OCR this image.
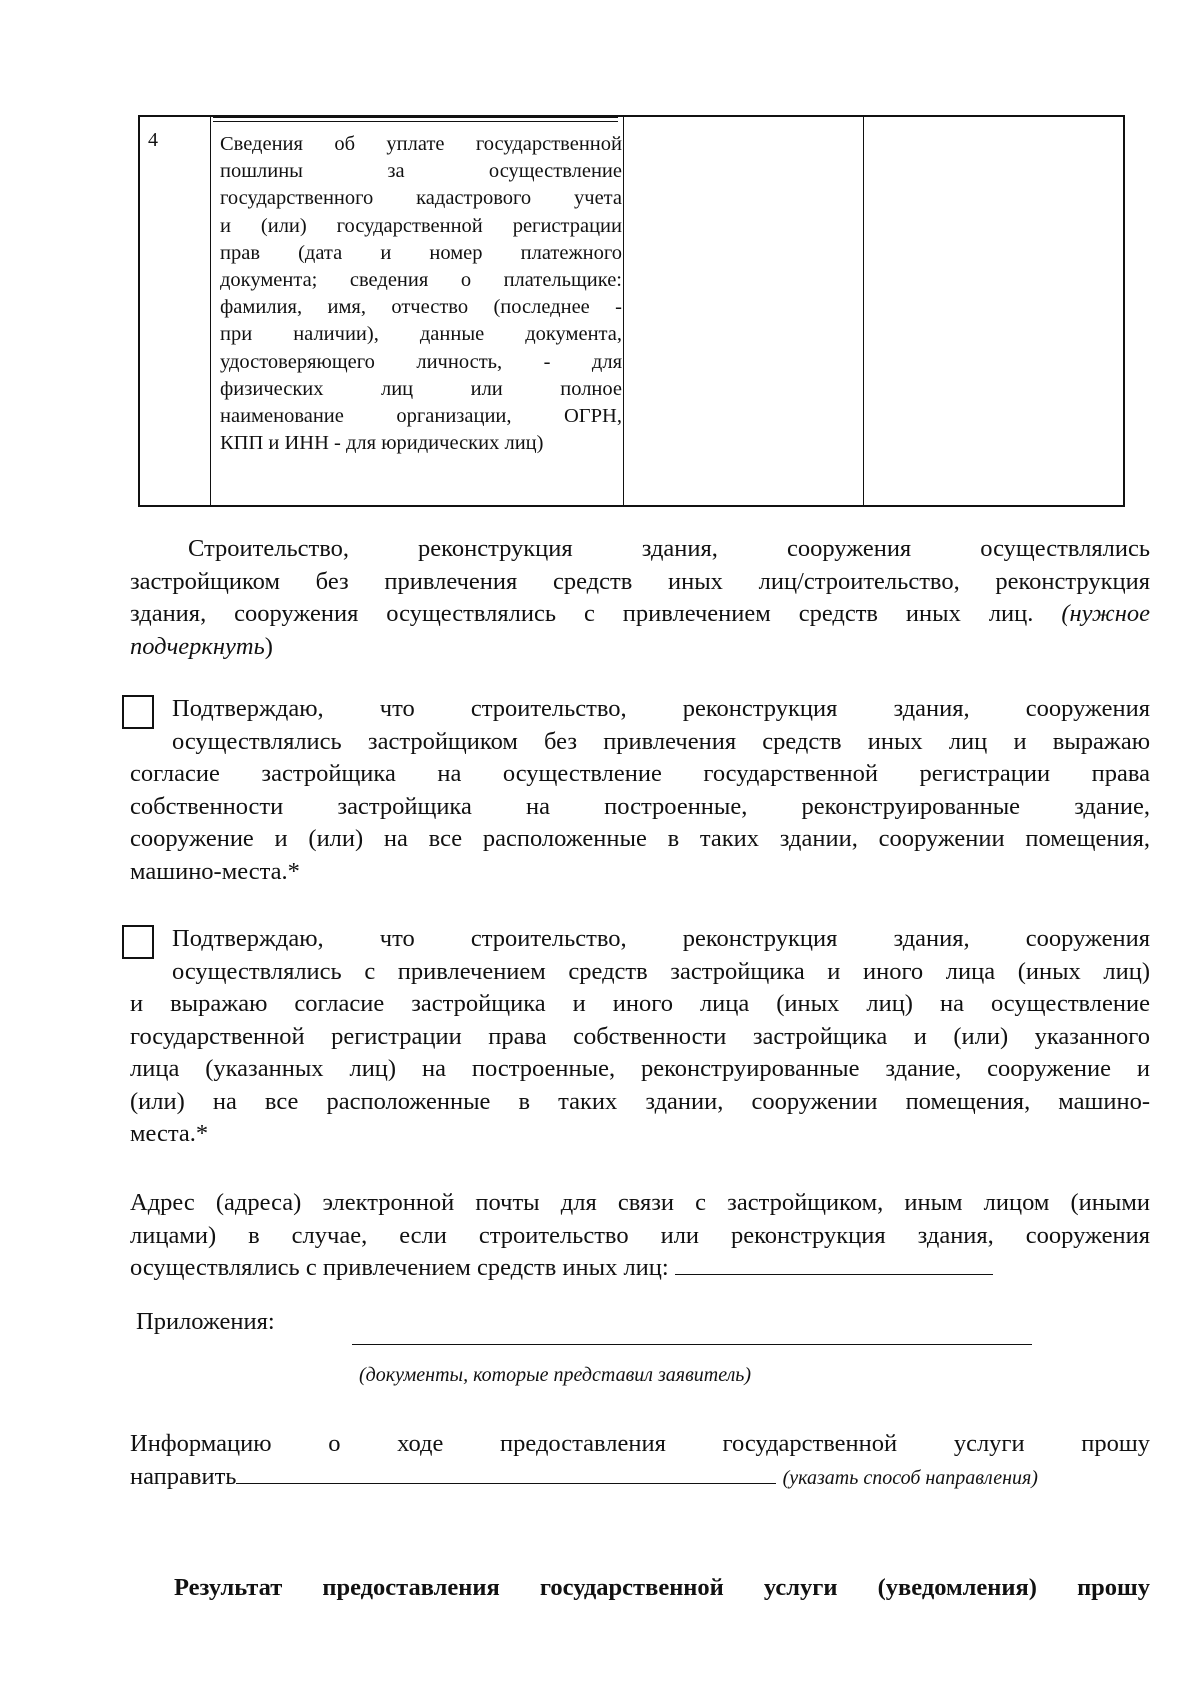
4	Сведения об уплате государственной
пошлины за осуществление
государственного кадастрового учета
и (или) государственной регистрации
прав (дата и номер платежного
документа; сведения о плательщике:
фамилия, имя, отчество (последнее -
при наличии), данные документа,
удостоверяющего личность, - для
физических лиц или полное
наименование организации, ОГРН,
КПП и ИНН - для юридических лиц)
Строительство, реконструкция здания, сооружения осуществлялись
застройщиком без привлечения средств иных лиц/строительство, реконструкция
здания, сооружения осуществлялись с привлечением средств иных лиц. (нужное
подчеркнуть)
Подтверждаю, что строительство, реконструкция здания, сооружения
осуществлялись застройщиком без привлечения средств иных лиц и выражаю
согласие застройщика на осуществление государственной регистрации права
собственности застройщика на построенные, реконструированные здание,
сооружение и (или) на все расположенные в таких здании, сооружении помещения,
машино-места.*
Подтверждаю, что строительство, реконструкция здания, сооружения
осуществлялись с привлечением средств застройщика и иного лица (иных лиц)
и выражаю согласие застройщика и иного лица (иных лиц) на осуществление
государственной регистрации права собственности застройщика и (или) указанного
лица (указанных лиц) на построенные, реконструированные здание, сооружение и
(или) на все расположенные в таких здании, сооружении помещения, машино-
места.*
Адрес (адреса) электронной почты для связи с застройщиком, иным лицом (иными
лицами) в случае, если строительство или реконструкция здания, сооружения
осуществлялись с привлечением средств иных лиц:
Приложения:
(документы, которые представил заявитель)
Информацию о ходе предоставления государственной услуги прошу
направить	(указать способ направления)
Результат предоставления государственной услуги (уведомления) прошу
